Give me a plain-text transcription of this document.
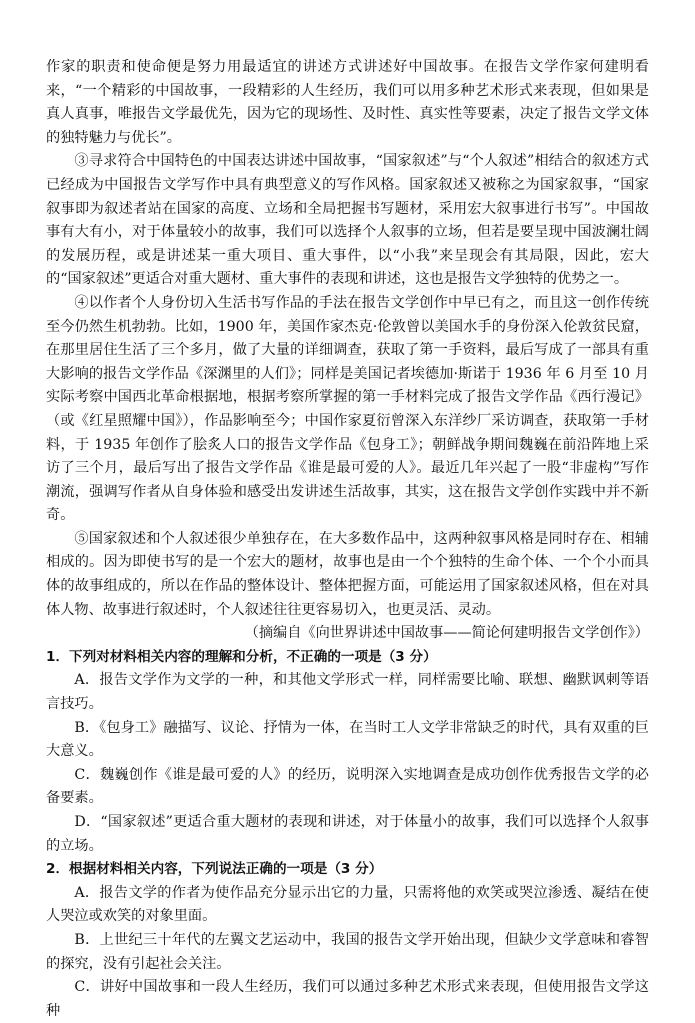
作家的职责和使命便是努力用最适宜的讲述方式讲述好中国故事。在报告文学作家何建明看来，“一个精彩的中国故事，一段精彩的人生经历，我们可以用多种艺术形式来表现，但如果是真人真事，唯报告文学最优先，因为它的现场性、及时性、真实性等要素，决定了报告文学文体的独特魅力与优长”。

③寻求符合中国特色的中国表达讲述中国故事，“国家叙述”与“个人叙述”相结合的叙述方式已经成为中国报告文学写作中具有典型意义的写作风格。国家叙述又被称之为国家叙事，“国家叙事即为叙述者站在国家的高度、立场和全局把握书写题材，采用宏大叙事进行书写”。中国故事有大有小，对于体量较小的故事，我们可以选择个人叙事的立场，但若是要呈现中国波澜壮阔的发展历程，或是讲述某一重大项目、重大事件，以“小我”来呈现会有其局限，因此，宏大的“国家叙述”更适合对重大题材、重大事件的表现和讲述，这也是报告文学独特的优势之一。

④以作者个人身份切入生活书写作品的手法在报告文学创作中早已有之，而且这一创作传统至今仍然生机勃勃。比如，1900 年，美国作家杰克·伦敦曾以美国水手的身份深入伦敦贫民窟，在那里居住生活了三个多月，做了大量的详细调查，获取了第一手资料，最后写成了一部具有重大影响的报告文学作品《深渊里的人们》；同样是美国记者埃德加·斯诺于 1936 年 6 月至 10 月实际考察中国西北革命根据地，根据考察所掌握的第一手材料完成了报告文学作品《西行漫记》（或《红星照耀中国》），作品影响至今；中国作家夏衍曾深入东洋纱厂采访调查，获取第一手材料，于 1935 年创作了脍炙人口的报告文学作品《包身工》；朝鲜战争期间魏巍在前沿阵地上采访了三个月，最后写出了报告文学作品《谁是最可爱的人》。最近几年兴起了一股“非虚构”写作潮流，强调写作者从自身体验和感受出发讲述生活故事，其实，这在报告文学创作实践中并不新奇。

⑤国家叙述和个人叙述很少单独存在，在大多数作品中，这两种叙事风格是同时存在、相辅相成的。因为即使书写的是一个宏大的题材，故事也是由一个个独特的生命个体、一个个小而具体的故事组成的，所以在作品的整体设计、整体把握方面，可能运用了国家叙述风格，但在对具体人物、故事进行叙述时，个人叙述往往更容易切入，也更灵活、灵动。

（摘编自《向世界讲述中国故事——简论何建明报告文学创作》）

1．下列对材料相关内容的理解和分析，不正确的一项是（3 分）

A．报告文学作为文学的一种，和其他文学形式一样，同样需要比喻、联想、幽默讽刺等语言技巧。

B．《包身工》融描写、议论、抒情为一体，在当时工人文学非常缺乏的时代，具有双重的巨大意义。

C．魏巍创作《谁是最可爱的人》的经历，说明深入实地调查是成功创作优秀报告文学的必备要素。

D．“国家叙述”更适合重大题材的表现和讲述，对于体量小的故事，我们可以选择个人叙事的立场。

2．根据材料相关内容，下列说法正确的一项是（3 分）

A．报告文学的作者为使作品充分显示出它的力量，只需将他的欢笑或哭泣渗透、凝结在使人哭泣或欢笑的对象里面。

B．上世纪三十年代的左翼文艺运动中，我国的报告文学开始出现，但缺少文学意味和睿智的探究，没有引起社会关注。

C．讲好中国故事和一段人生经历，我们可以通过多种艺术形式来表现，但使用报告文学这种
